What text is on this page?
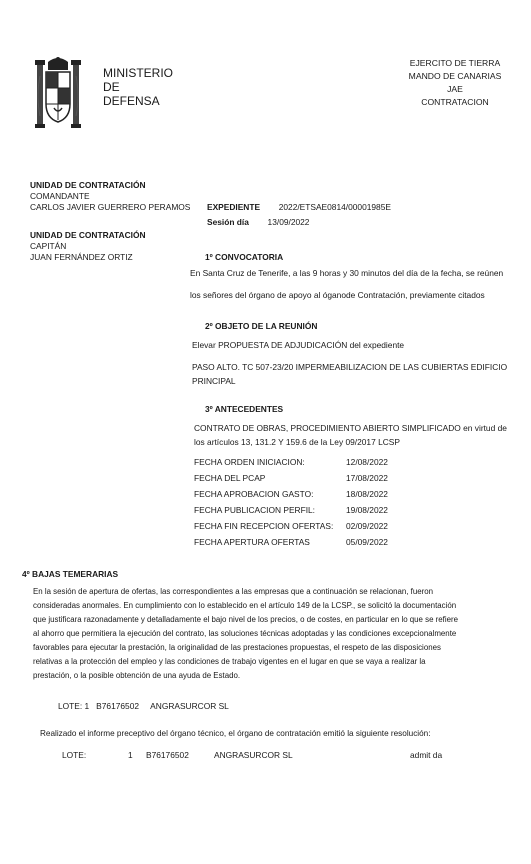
MINISTERIO
DE
DEFENSA
EJERCITO DE TIERRA
MANDO DE CANARIAS
JAE
CONTRATACION
UNIDAD DE CONTRATACIÓN
COMANDANTE
CARLOS JAVIER GUERRERO PERAMOS
UNIDAD DE CONTRATACIÓN
CAPITÁN
JUAN FERNÁNDEZ ORTIZ
EXPEDIENTE 2022/ETSAE0814/00001985E
Sesión día 13/09/2022
1º CONVOCATORIA
En Santa Cruz de Tenerife, a las 9 horas y 30 minutos del día de la fecha, se reúnen
los señores del órgano de apoyo al óganode Contratación, previamente citados
2º OBJETO DE LA REUNIÓN
Elevar PROPUESTA DE ADJUDICACIÓN del expediente
PASO ALTO. TC 507-23/20 IMPERMEABILIZACION DE LAS CUBIERTAS EDIFICIO
PRINCIPAL
3º ANTECEDENTES
CONTRATO DE OBRAS, PROCEDIMIENTO ABIERTO SIMPLIFICADO en virtud de
los artículos 13, 131.2 Y 159.6 de la Ley 09/2017 LCSP
FECHA ORDEN INICIACION:	12/08/2022
FECHA DEL PCAP	17/08/2022
FECHA APROBACION GASTO:	18/08/2022
FECHA PUBLICACION PERFIL:	19/08/2022
FECHA FIN RECEPCION OFERTAS: 02/09/2022
FECHA APERTURA OFERTAS	05/09/2022
4º BAJAS TEMERARIAS
En la sesión de apertura de ofertas, las correspondientes a las empresas que a continuación se relacionan, fueron
consideradas anormales. En cumplimiento con lo establecido en el artículo 149 de la LCSP., se solicitó la documentación
que justificara razonadamente y detalladamente el bajo nivel de los precios, o de costes, en particular en lo que se refiere
al ahorro que permitiera la ejecución del contrato, las soluciones técnicas adoptadas y las condiciones excepcionalmente
favorables para ejecutar la prestación, la originalidad de las prestaciones propuestas, el respeto de las disposiciones
relativas a la protección del empleo y las condiciones de trabajo vigentes en el lugar en que se vaya a realizar la
prestación, o la posible obtención de una ayuda de Estado.
LOTE: 1   B76176502     ANGRASURCOR SL
Realizado el informe preceptivo del órgano técnico, el órgano de contratación emitió la siguiente resolución:
LOTE:	1 B76176502	ANGRASURCOR SL	admit da
